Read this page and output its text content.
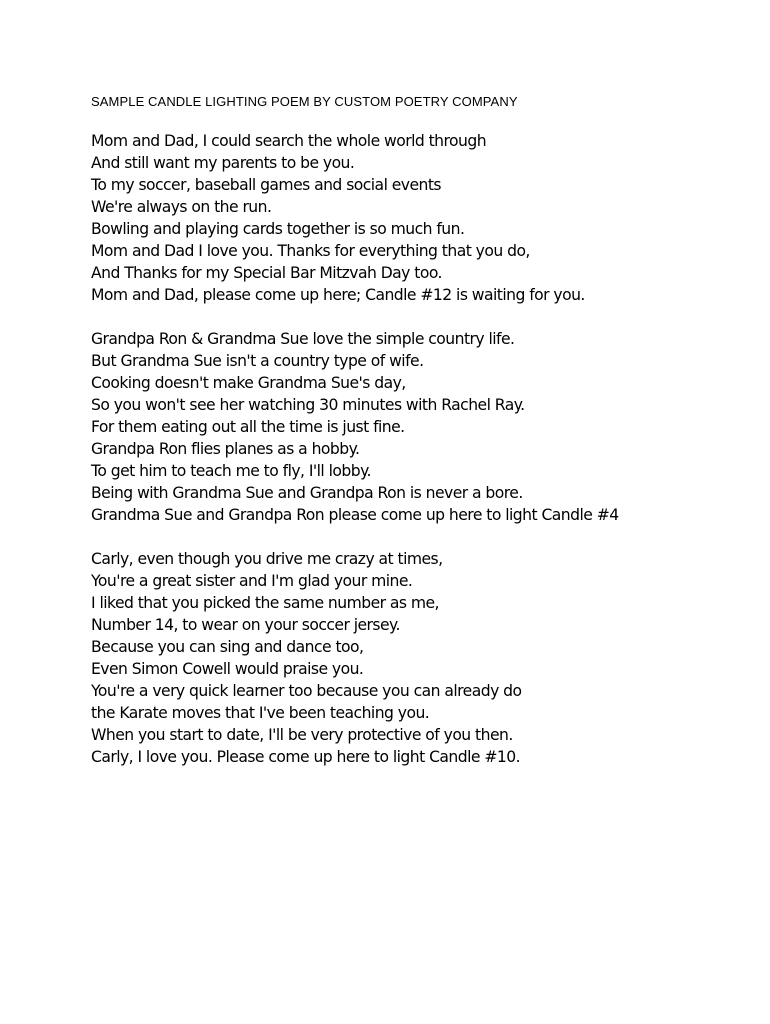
SAMPLE CANDLE LIGHTING POEM BY CUSTOM POETRY COMPANY
Mom and Dad, I could search the whole world through
And still want my parents to be you.
To my soccer, baseball games and social events
We're always on the run.
Bowling and playing cards together is so much fun.
Mom and Dad I love you. Thanks for everything that you do,
And Thanks for my Special Bar Mitzvah Day too.
Mom and Dad, please come up here; Candle #12 is waiting for you.
Grandpa Ron & Grandma Sue love the simple country life.
But Grandma Sue isn't a country type of wife.
Cooking doesn't make Grandma Sue's day,
So you won't see her watching 30 minutes with Rachel Ray.
For them eating out all the time is just fine.
Grandpa Ron flies planes as a hobby.
To get him to teach me to fly, I'll lobby.
Being with Grandma Sue and Grandpa Ron is never a bore.
Grandma Sue and Grandpa Ron please come up here to light Candle #4
Carly, even though you drive me crazy at times,
You're a great sister and I'm glad your mine.
I liked that you picked the same number as me,
Number 14, to wear on your soccer jersey.
Because you can sing and dance too,
Even Simon Cowell would praise you.
You're a very quick learner too because you can already do
the Karate moves that I've been teaching you.
When you start to date, I'll be very protective of you then.
Carly, I love you. Please come up here to light Candle #10.
